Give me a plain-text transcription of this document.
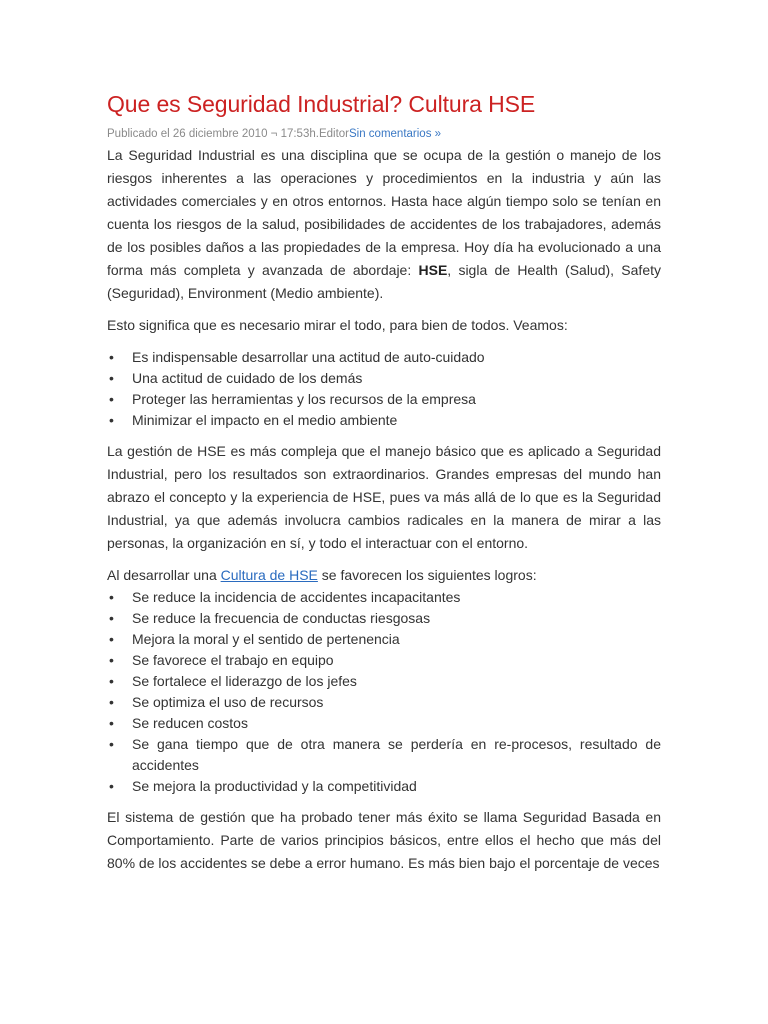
Que es Seguridad Industrial? Cultura HSE
Publicado el 26 diciembre 2010 ¬ 17:53h.EditorSin comentarios »

La Seguridad Industrial es una disciplina que se ocupa de la gestión o manejo de los riesgos inherentes a las operaciones y procedimientos en la industria y aún las actividades comerciales y en otros entornos. Hasta hace algún tiempo solo se tenían en cuenta los riesgos de la salud, posibilidades de accidentes de los trabajadores, además de los posibles daños a las propiedades de la empresa. Hoy día ha evolucionado a una forma más completa y avanzada de abordaje: HSE, sigla de Health (Salud), Safety (Seguridad), Environment (Medio ambiente).

Esto significa que es necesario mirar el todo, para bien de todos. Veamos:

• Es indispensable desarrollar una actitud de auto-cuidado
• Una actitud de cuidado de los demás
• Proteger las herramientas y los recursos de la empresa
• Minimizar el impacto en el medio ambiente

La gestión de HSE es más compleja que el manejo básico que es aplicado a Seguridad Industrial, pero los resultados son extraordinarios. Grandes empresas del mundo han abrazo el concepto y la experiencia de HSE, pues va más allá de lo que es la Seguridad Industrial, ya que además involucra cambios radicales en la manera de mirar a las personas, la organización en sí, y todo el interactuar con el entorno.

Al desarrollar una Cultura de HSE se favorecen los siguientes logros:

• Se reduce la incidencia de accidentes incapacitantes
• Se reduce la frecuencia de conductas riesgosas
• Mejora la moral y el sentido de pertenencia
• Se favorece el trabajo en equipo
• Se fortalece el liderazgo de los jefes
• Se optimiza el uso de recursos
• Se reducen costos
• Se gana tiempo que de otra manera se perdería en re-procesos, resultado de accidentes
• Se mejora la productividad y la competitividad

El sistema de gestión que ha probado tener más éxito se llama Seguridad Basada en Comportamiento. Parte de varios principios básicos, entre ellos el hecho que más del 80% de los accidentes se debe a error humano. Es más bien bajo el porcentaje de veces
